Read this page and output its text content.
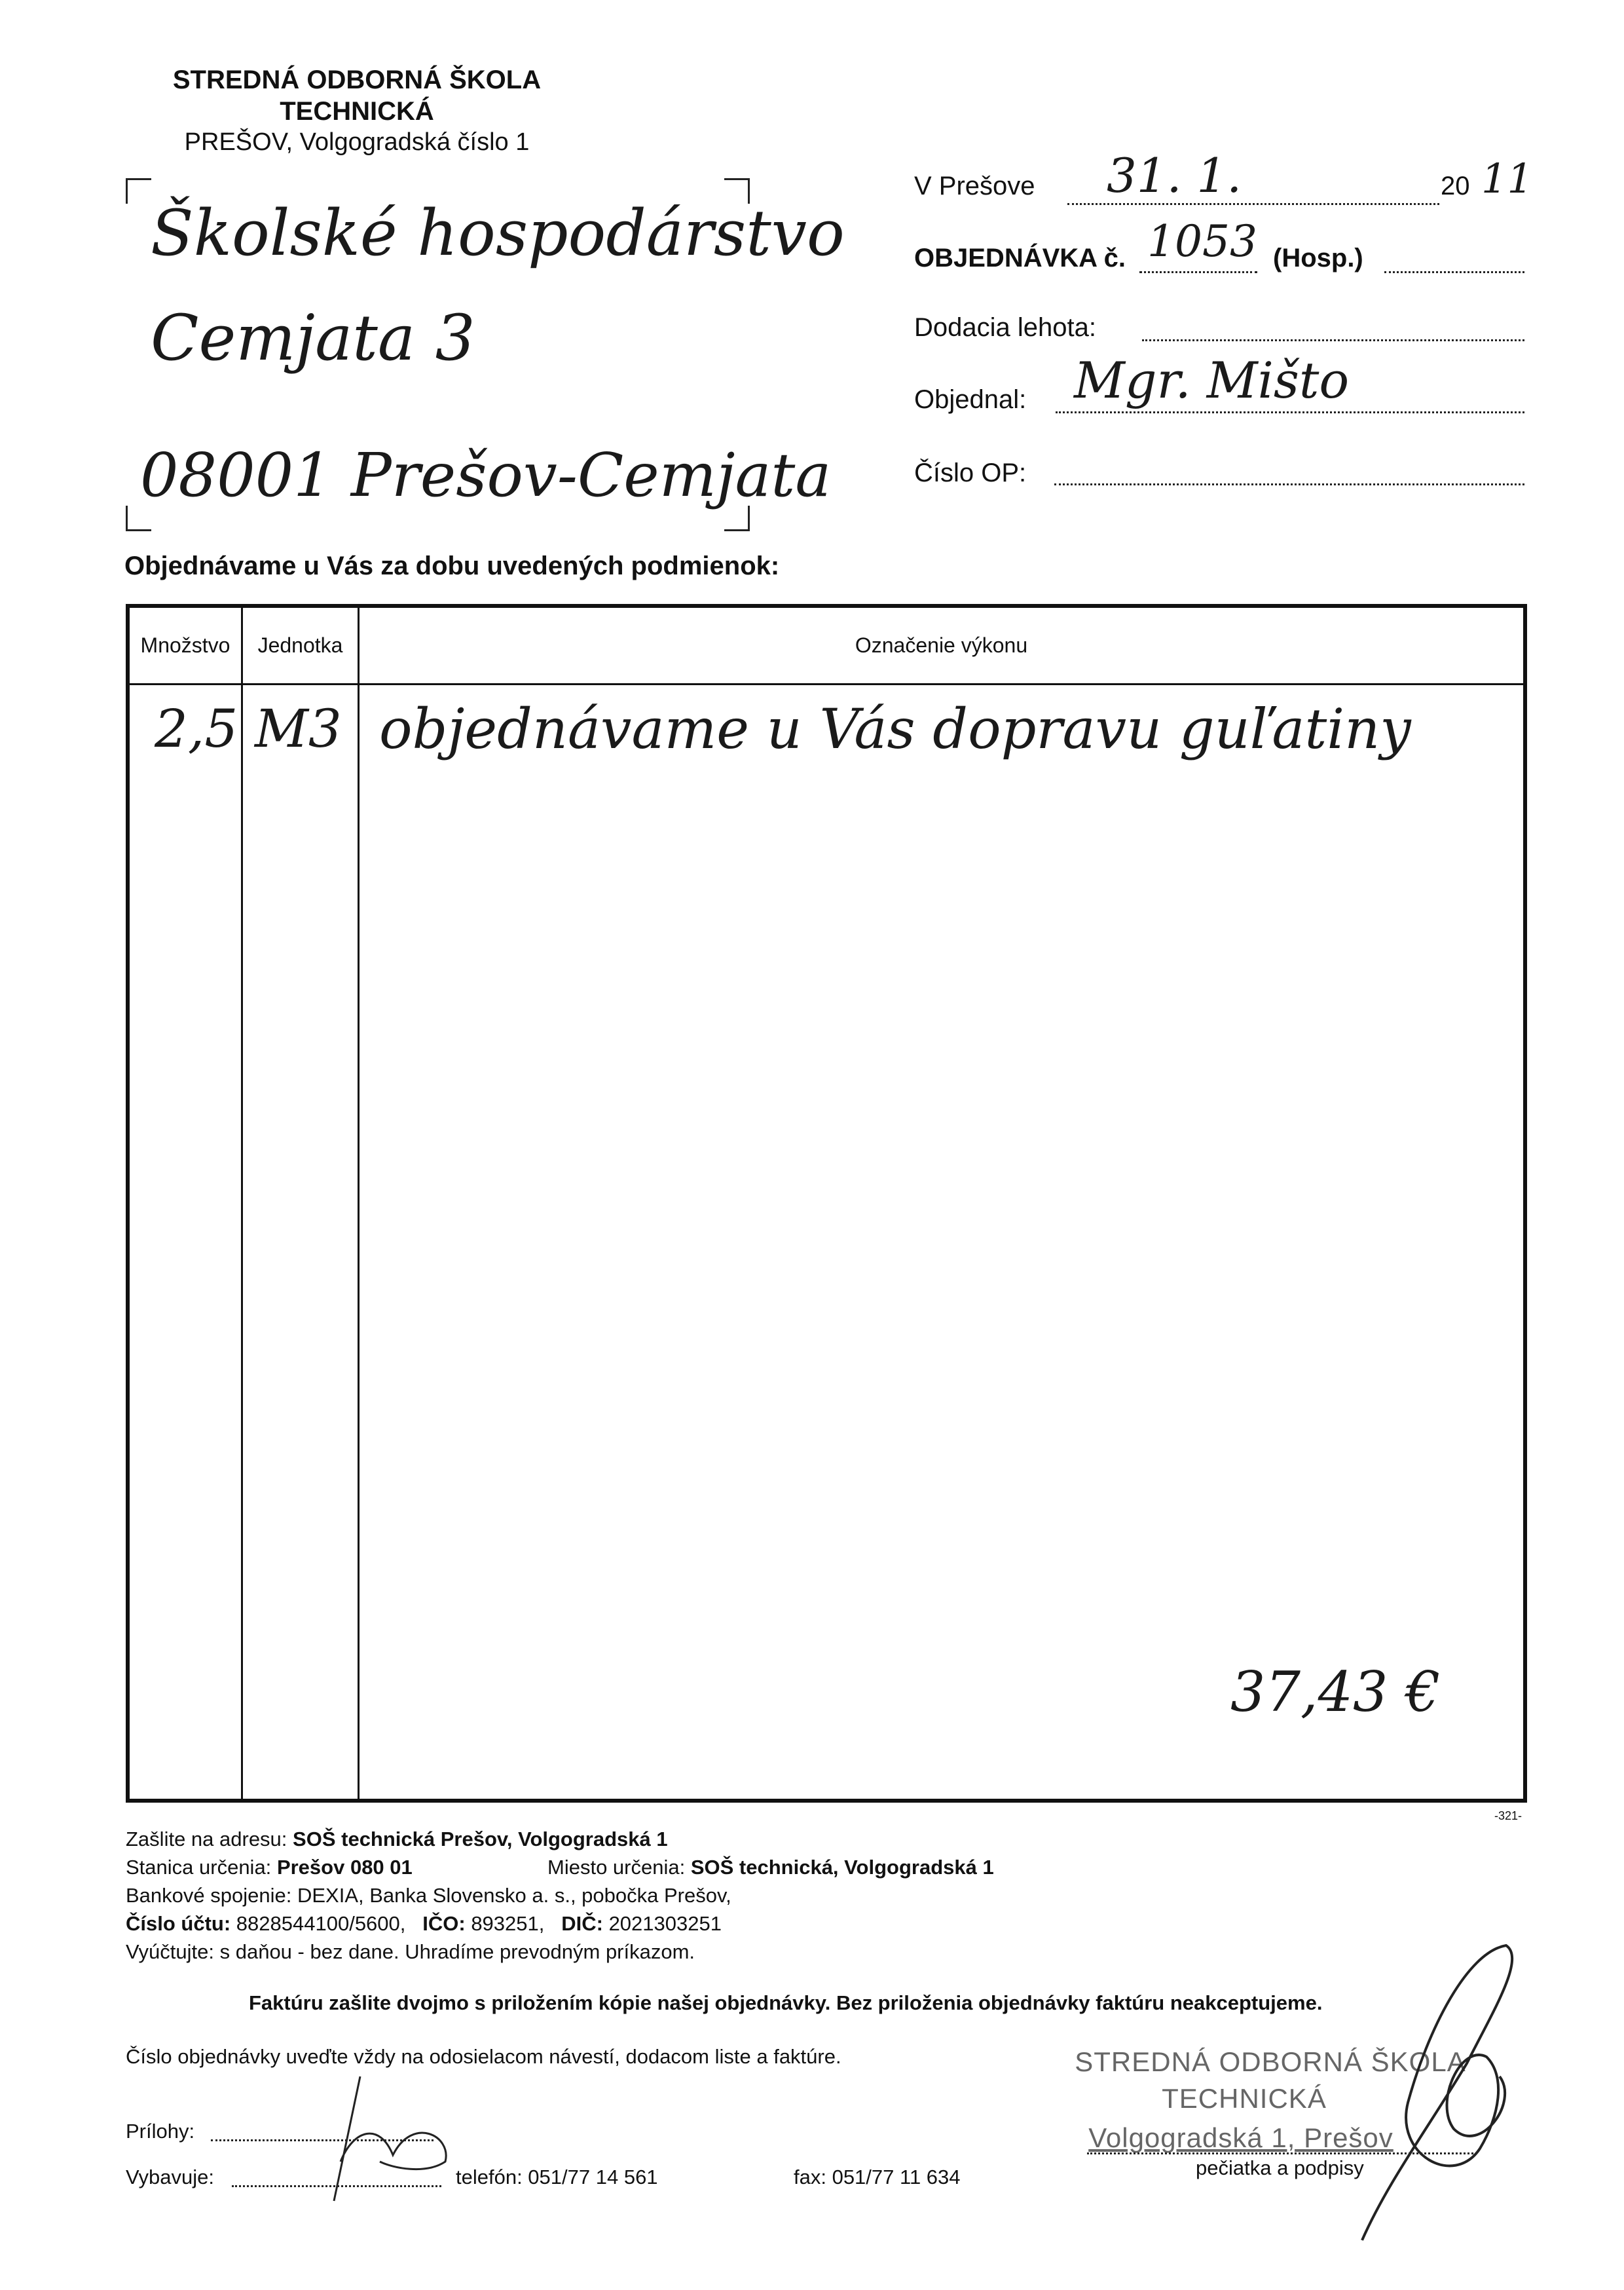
STREDNÁ ODBORNÁ ŠKOLA
TECHNICKÁ
PREŠOV, Volgogradská číslo 1
Školské hospodárstvo
Cemjata 3
08001 Prešov-Cemjata
V Prešove 31. 1.	20 11
OBJEDNÁVKA č. 1053 (Hosp.)
Dodacia lehota:
Objednal: Mgr. Mišto
Číslo OP:
Objednávame u Vás za dobu uvedených podmienok:
Množstvo	Jednotka	Označenie výkonu

2,5	M3	objednávame u Vás dopravu guľatiny
37,43 €
-321-
Zašlite na adresu: SOŠ technická Prešov, Volgogradská 1
Stanica určenia: Prešov 080 01	Miesto určenia: SOŠ technická, Volgogradská 1
Bankové spojenie: DEXIA, Banka Slovensko a. s., pobočka Prešov,
Číslo účtu: 8828544100/5600, IČO: 893251, DIČ: 2021303251
Vyúčtujte: s daňou - bez dane. Uhradíme prevodným príkazom.
Faktúru zašlite dvojmo s priložením kópie našej objednávky. Bez priloženia objednávky faktúru neakceptujeme.
Číslo objednávky uveďte vždy na odosielacom návestí, dodacom liste a faktúre.
Prílohy:
Vybavuje:	telefón: 051/77 14 561	fax: 051/77 11 634
STREDNÁ ODBORNÁ ŠKOLA
TECHNICKÁ
Volgogradská 1, Prešov
pečiatka a podpisy
